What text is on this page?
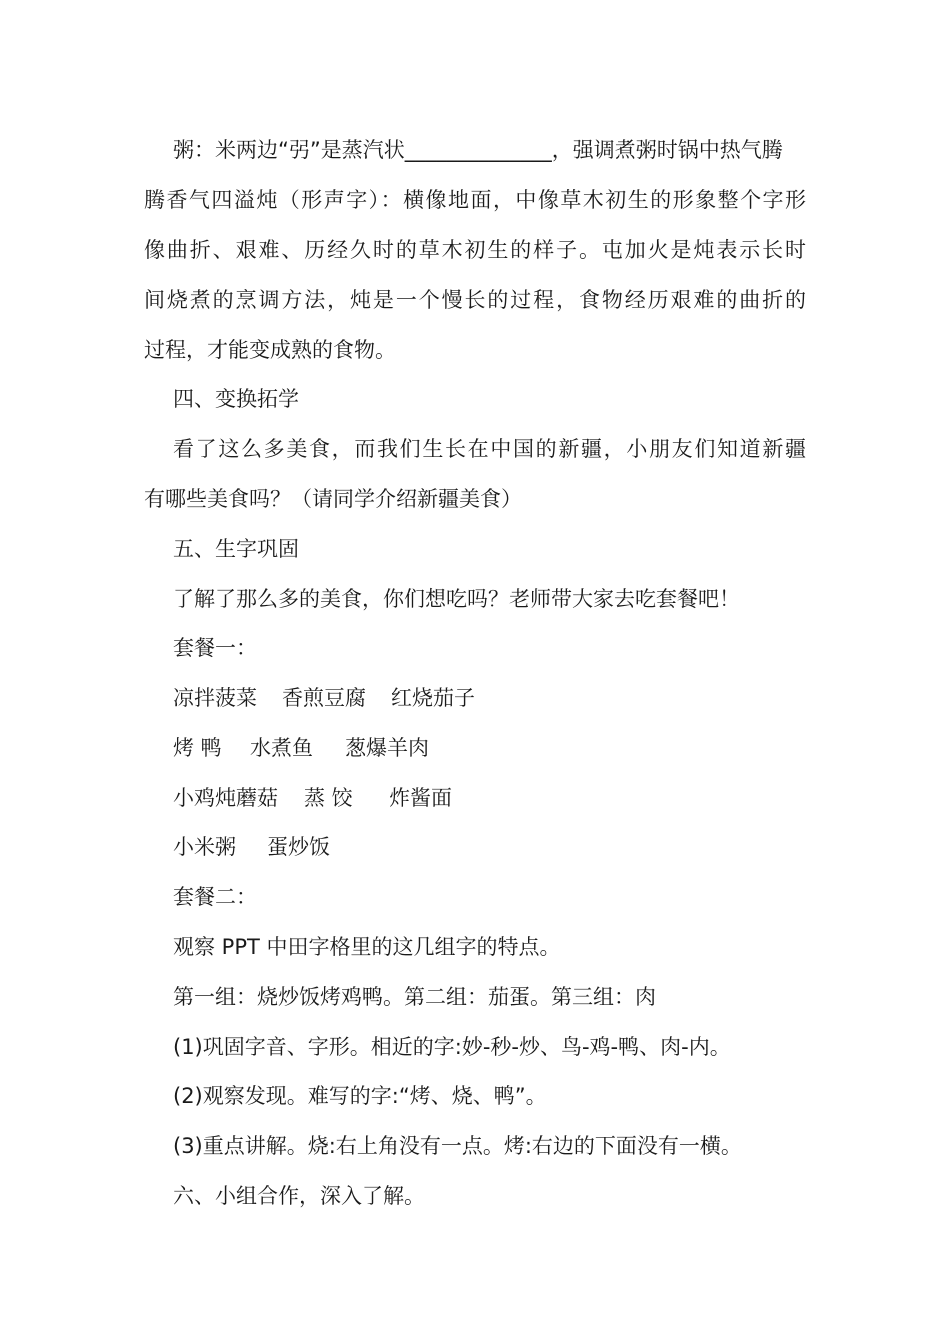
粥：米两边“弜”是蒸汽状______________，强调煮粥时锅中热气腾
腾香气四溢炖（形声字）：横像地面，中像草木初生的形象整个字形
像曲折、艰难、历经久时的草木初生的样子。屯加火是炖表示长时
间烧煮的烹调方法，炖是一个慢长的过程，食物经历艰难的曲折的
过程，才能变成熟的食物。
四、变换拓学
看了这么多美食，而我们生长在中国的新疆，小朋友们知道新疆
有哪些美食吗？（请同学介绍新疆美食）
五、生字巩固
了解了那么多的美食，你们想吃吗？老师带大家去吃套餐吧！
套餐一：
凉拌菠菜 香煎豆腐 红烧茄子
烤 鸭 水煮鱼 葱爆羊肉
小鸡炖蘑菇 蒸 饺 炸酱面
小米粥 蛋炒饭
套餐二：
观察 PPT 中田字格里的这几组字的特点。
第一组：烧炒饭烤鸡鸭。第二组：茄蛋。第三组：肉
(1)巩固字音、字形。相近的字:妙-秒-炒、鸟-鸡-鸭、肉-内。
(2)观察发现。难写的字:“烤、烧、鸭”。
(3)重点讲解。烧:右上角没有一点。烤:右边的下面没有一横。
六、小组合作，深入了解。
